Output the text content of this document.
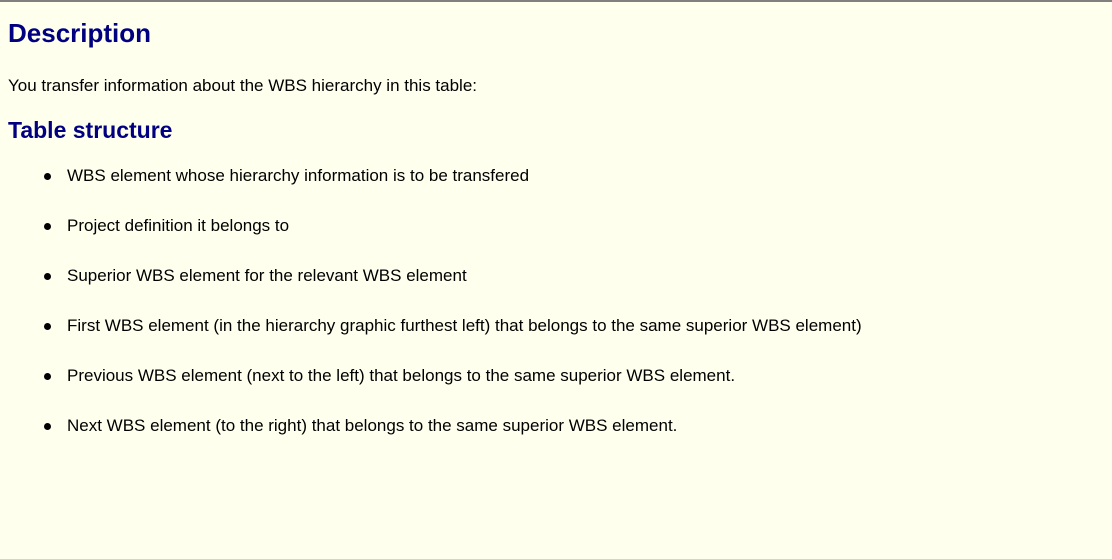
Description

You transfer information about the WBS hierarchy in this table:

Table structure
WBS element whose hierarchy information is to be transfered
Project definition it belongs to
Superior WBS element for the relevant WBS element
First WBS element (in the hierarchy graphic furthest left) that belongs to the same superior WBS element)
Previous WBS element (next to the left) that belongs to the same superior WBS element.
Next WBS element (to the right) that belongs to the same superior WBS element.
